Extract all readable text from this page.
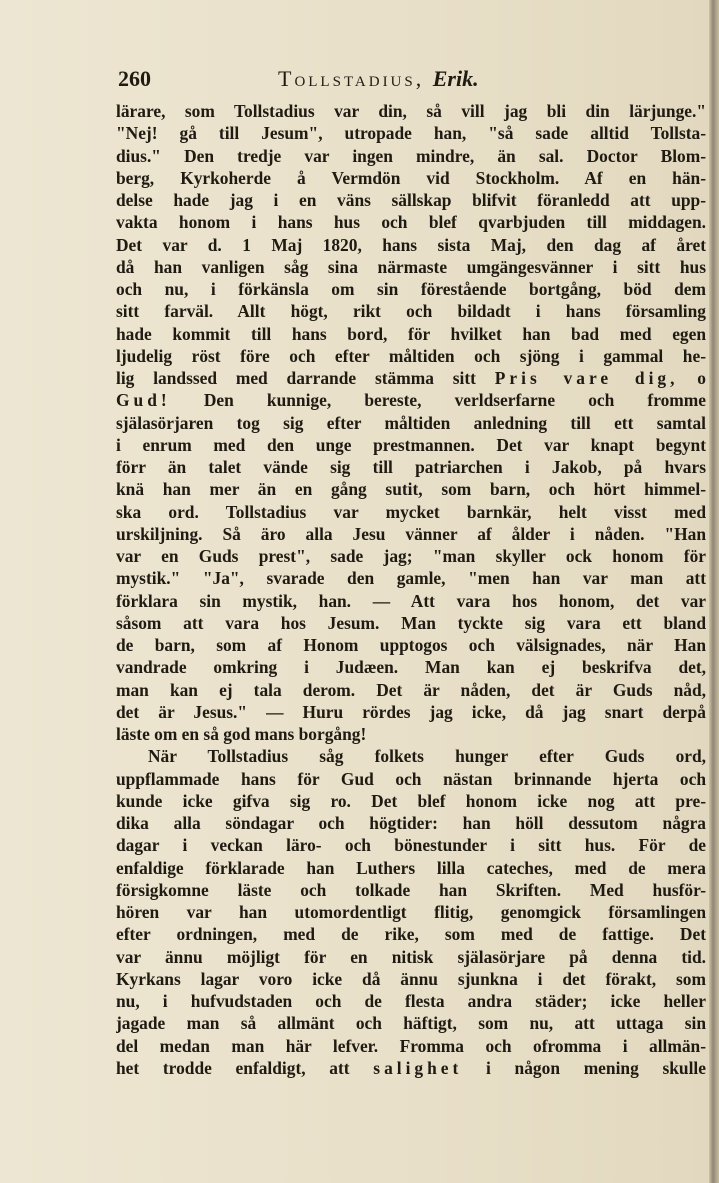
260	Tollstadius, Erik.
lärare, som Tollstadius var din, så vill jag bli din lärjunge."
"Nej! gå till Jesum", utropade han, "så sade alltid Tollsta-
dius." Den tredje var ingen mindre, än sal. Doctor Blom-
berg, Kyrkoherde å Vermdön vid Stockholm. Af en hän-
delse hade jag i en väns sällskap blifvit föranledd att upp-
vakta honom i hans hus och blef qvarbjuden till middagen.
Det var d. 1 Maj 1820, hans sista Maj, den dag af året
då han vanligen såg sina närmaste umgängesvänner i sitt hus
och nu, i förkänsla om sin förestående bortgång, böd dem
sitt farväl. Allt högt, rikt och bildadt i hans församling
hade kommit till hans bord, för hvilket han bad med egen
ljudelig röst före och efter måltiden och sjöng i gammal he-
lig landssed med darrande stämma sitt Pris vare dig, o
Gud! Den kunnige, bereste, verldserfarne och fromme
själasörjaren tog sig efter måltiden anledning till ett samtal
i enrum med den unge prestmannen. Det var knapt begynt
förr än talet vände sig till patriarchen i Jakob, på hvars
knä han mer än en gång sutit, som barn, och hört himmel-
ska ord. Tollstadius var mycket barnkär, helt visst med
urskiljning. Så äro alla Jesu vänner af ålder i nåden. "Han
var en Guds prest", sade jag; "man skyller ock honom för
mystik." "Ja", svarade den gamle, "men han var man att
förklara sin mystik, han. — Att vara hos honom, det var
såsom att vara hos Jesum. Man tyckte sig vara ett bland
de barn, som af Honom upptogos och välsignades, när Han
vandrade omkring i Judæen. Man kan ej beskrifva det,
man kan ej tala derom. Det är nåden, det är Guds nåd,
det är Jesus." — Huru rördes jag icke, då jag snart derpå
läste om en så god mans borgång!
När Tollstadius såg folkets hunger efter Guds ord,
uppflammade hans för Gud och nästan brinnande hjerta och
kunde icke gifva sig ro. Det blef honom icke nog att pre-
dika alla söndagar och högtider: han höll dessutom några
dagar i veckan läro- och bönestunder i sitt hus. För de
enfaldige förklarade han Luthers lilla cateches, med de mera
försigkomne läste och tolkade han Skriften. Med husför-
hören var han utomordentligt flitig, genomgick församlingen
efter ordningen, med de rike, som med de fattige. Det
var ännu möjligt för en nitisk själasörjare på denna tid.
Kyrkans lagar voro icke då ännu sjunkna i det förakt, som
nu, i hufvudstaden och de flesta andra städer; icke heller
jagade man så allmänt och häftigt, som nu, att uttaga sin
del medan man här lefver. Fromma och ofromma i allmän-
het trodde enfaldigt, att salighet i någon mening skulle
